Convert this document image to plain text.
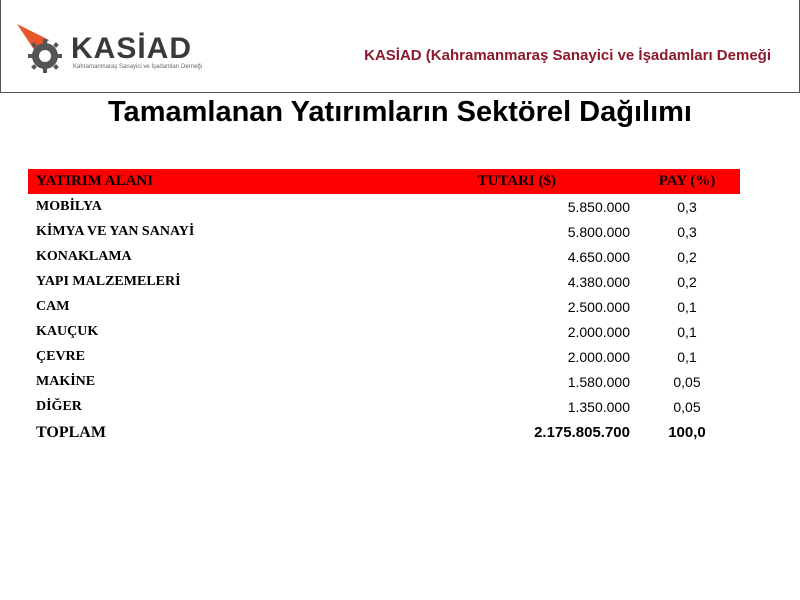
KASİAD
Kahramanmaraş Sanayici ve İşadamları Derneği
KASİAD (Kahramanmaraş Sanayici ve İşadamları Demeği
Tamamlanan Yatırımların Sektörel Dağılımı
YATIRIM ALANI	TUTARI ($)	PAY (%)
MOBİLYA	5.850.000	0,3
KİMYA VE YAN SANAYİ	5.800.000	0,3
KONAKLAMA	4.650.000	0,2
YAPI MALZEMELERİ	4.380.000	0,2
CAM	2.500.000	0,1
KAUÇUK	2.000.000	0,1
ÇEVRE	2.000.000	0,1
MAKİNE	1.580.000	0,05
DİĞER	1.350.000	0,05
TOPLAM	2.175.805.700	100,0
